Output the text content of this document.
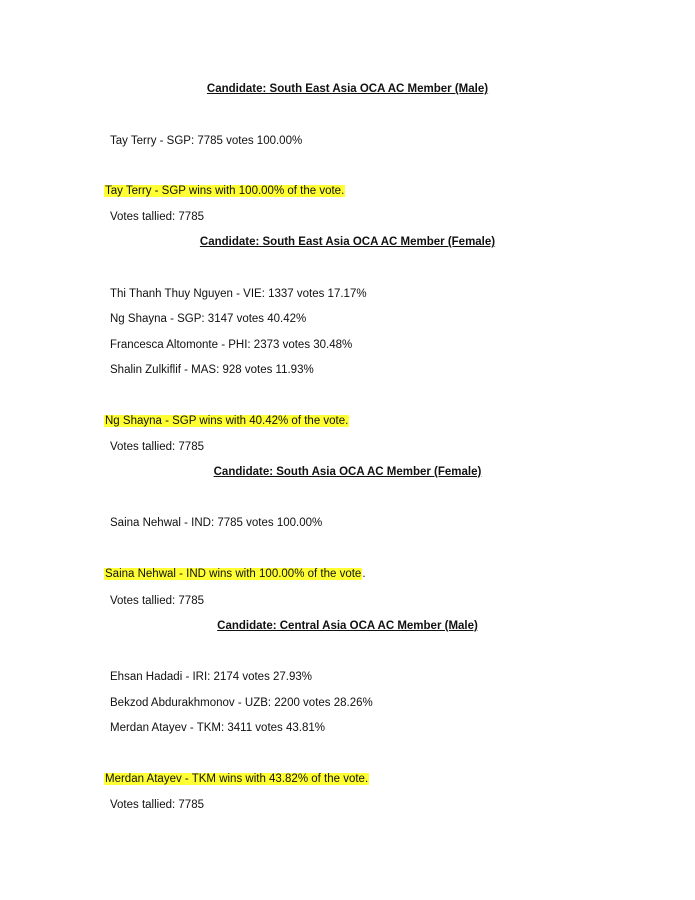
Candidate: South East Asia OCA AC Member (Male)
Tay Terry - SGP: 7785 votes 100.00%
Tay Terry - SGP wins with 100.00% of the vote.
Votes tallied: 7785
Candidate: South East Asia OCA AC Member (Female)
Thi Thanh Thuy Nguyen - VIE: 1337 votes 17.17%
Ng Shayna - SGP: 3147 votes 40.42%
Francesca Altomonte - PHI: 2373 votes 30.48%
Shalin Zulkiflif - MAS: 928 votes 11.93%
Ng Shayna - SGP wins with 40.42% of the vote.
Votes tallied: 7785
Candidate: South Asia OCA AC Member (Female)
Saina Nehwal - IND: 7785 votes 100.00%
Saina Nehwal - IND wins with 100.00% of the vote.
Votes tallied: 7785
Candidate: Central Asia OCA AC Member (Male)
Ehsan Hadadi - IRI: 2174 votes 27.93%
Bekzod Abdurakhmonov - UZB: 2200 votes 28.26%
Merdan Atayev - TKM: 3411 votes 43.81%
Merdan Atayev - TKM wins with 43.82% of the vote.
Votes tallied: 7785
